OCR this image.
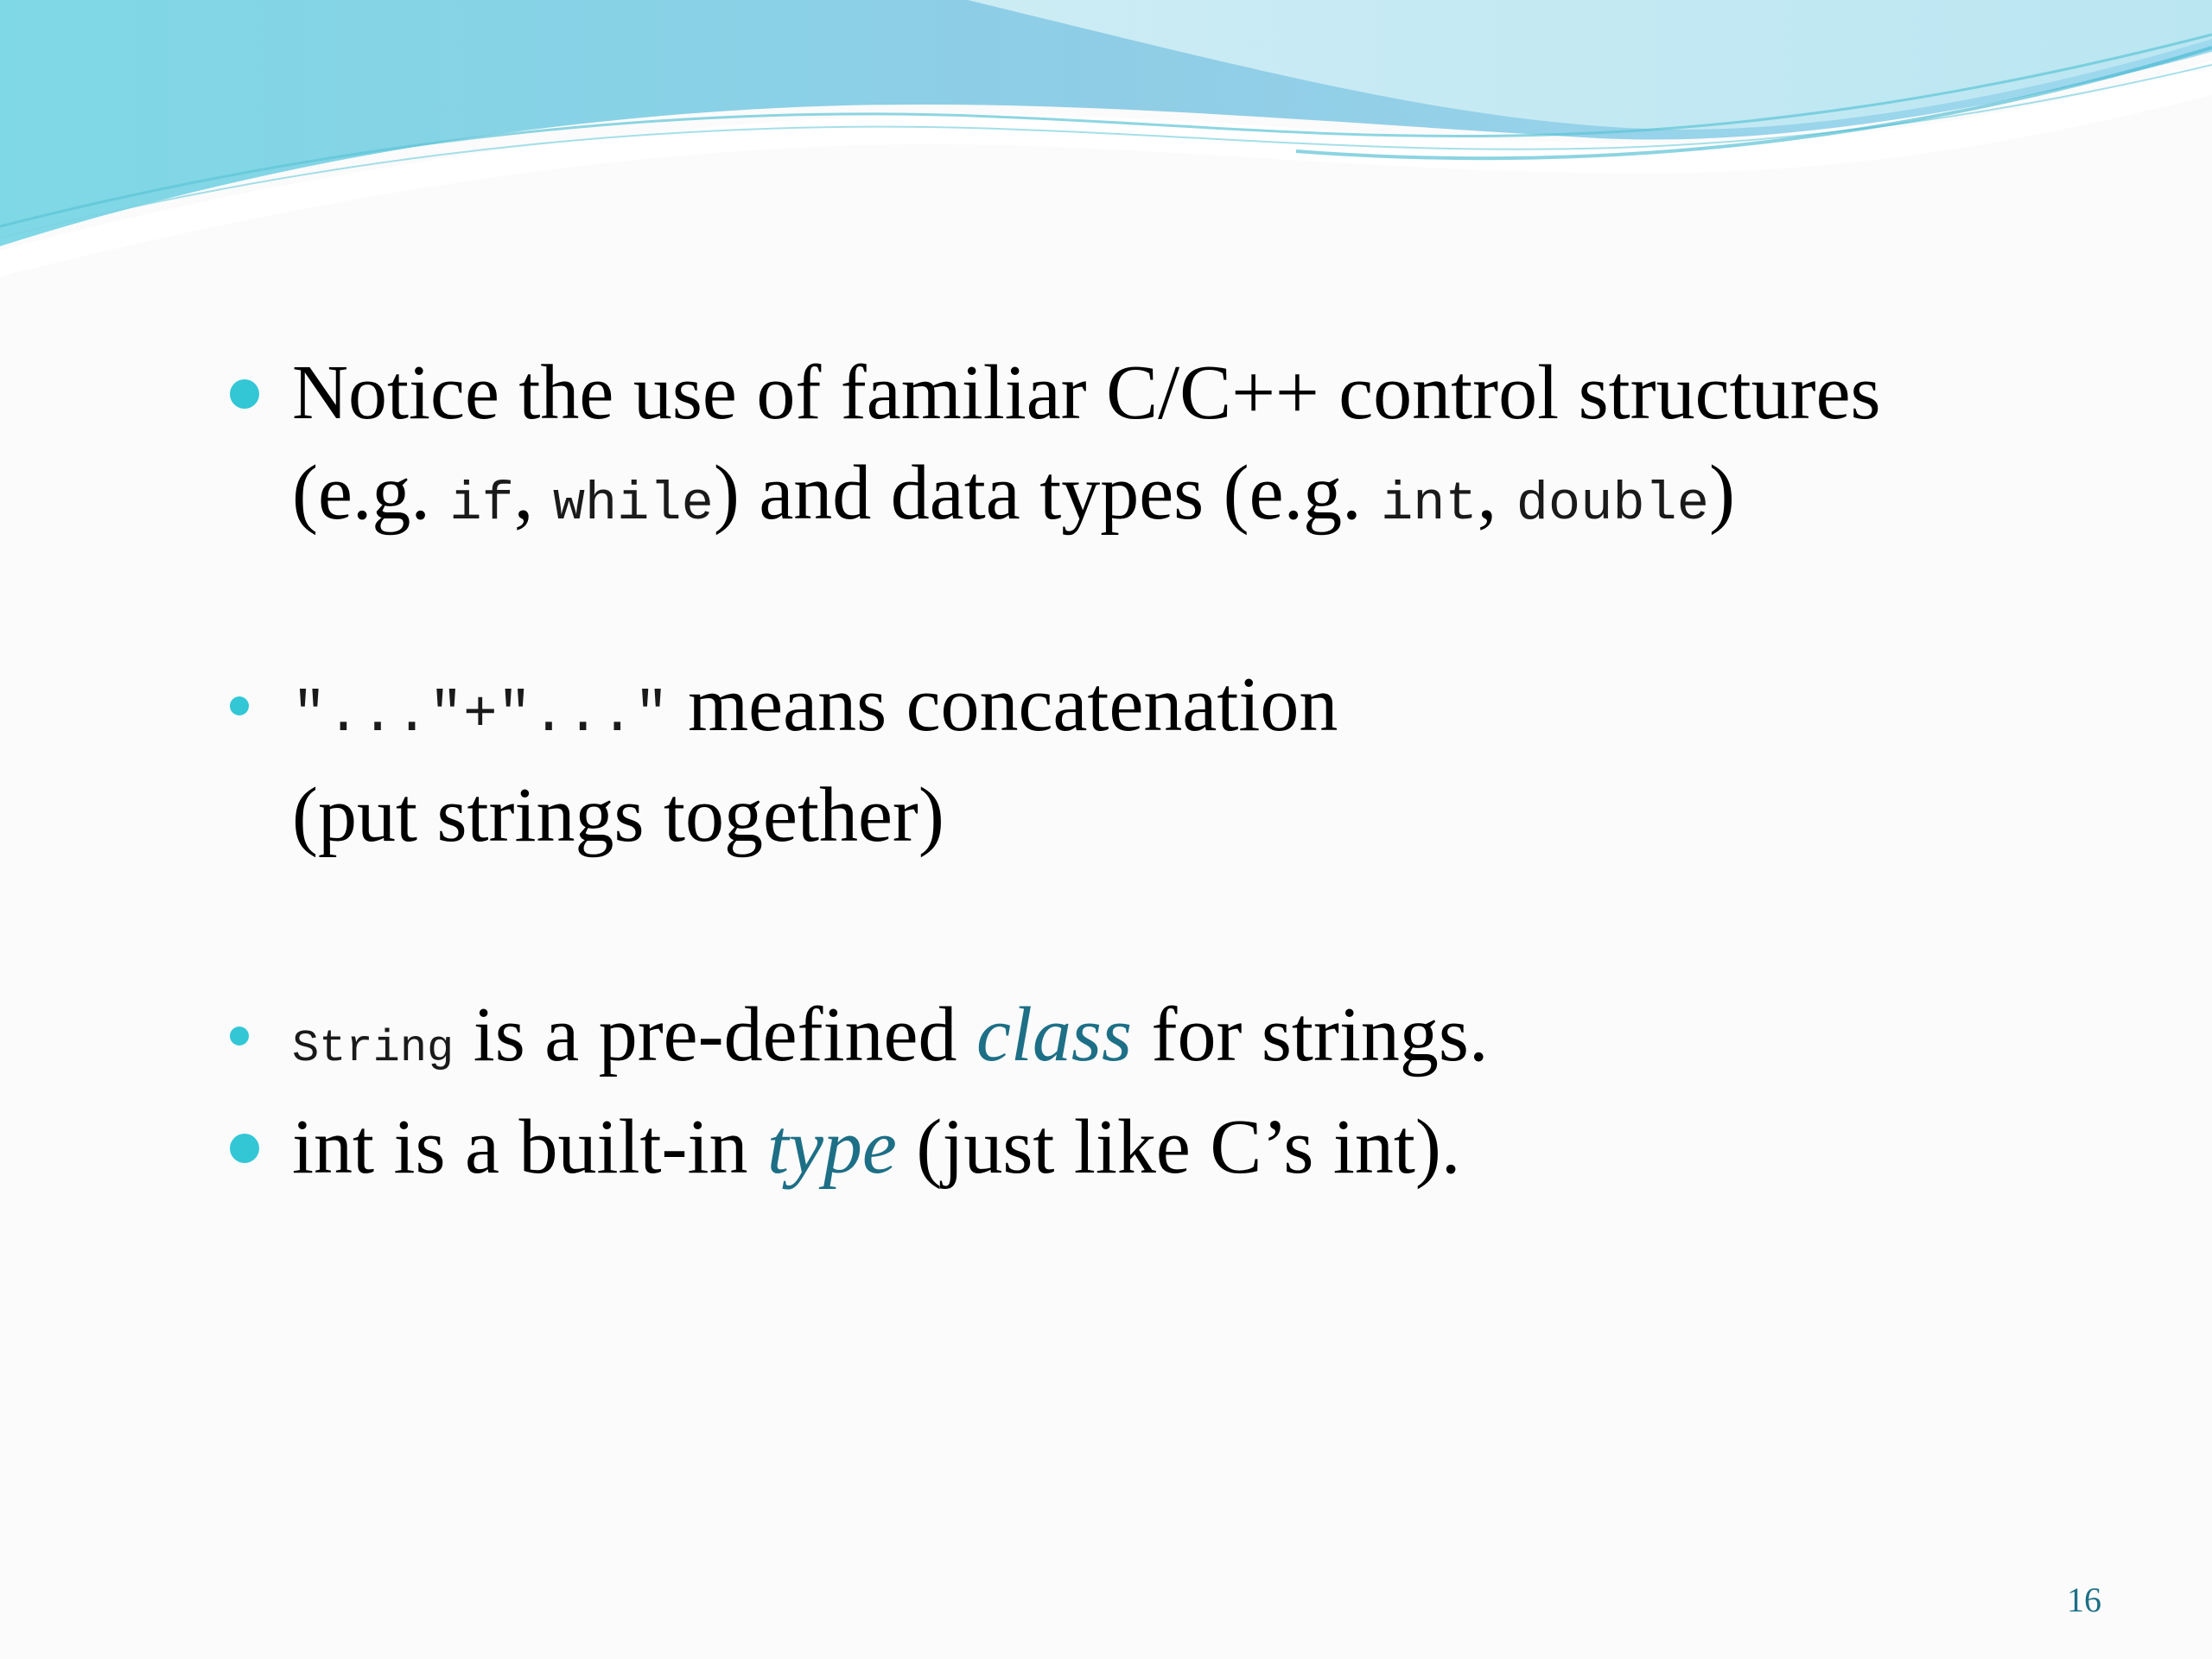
Notice the use of familiar C/C++ control structures
(e.g. if, while) and data types (e.g. int, double)
"..."+"..." means concatenation
(put strings together)
String is a pre-defined class for strings.
int is a built-in type (just like C’s int).
16
